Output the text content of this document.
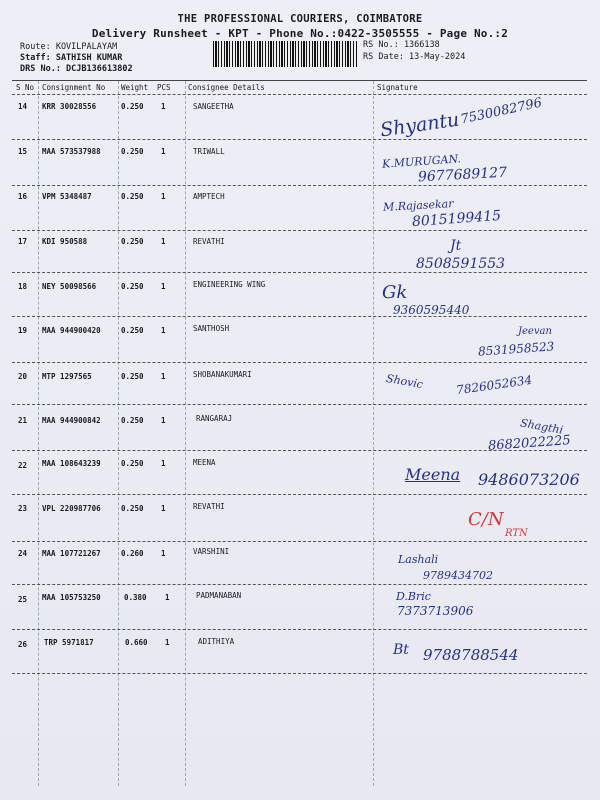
THE PROFESSIONAL COURIERS, COIMBATORE
Delivery Runsheet - KPT - Phone No.:0422-3505555 - Page No.:2
Route: KOVILPALAYAM
Staff: SATHISH KUMAR
DRS No.: DCJB136613802
RS No.: 1366138
RS Date: 13-May-2024
S No Consignment No Weight PCS Consignee Details	Signature
14 KRR 30028556	0.250 1	SANGEETHA
Shyantu
7530082796
15 MAA 573537988	0.250 1	TRIWALL
K.MURUGAN.
9677689127
16 VPM 5348487	0.250 1	AMPTECH
M.Rajasekar
8015199415
17 KDI 950588	0.250 1	REVATHI	Jt
8508591553
18 NEY 50098566	0.250 1	ENGINEERING WING	Gk
9360595440
19 MAA 944900420	0.250 1	SANTHOSH	Jeevan
8531958523
20 MTP 1297565	0.250 1	SHOBANAKUMARI	Shovic	7826052634
21 MAA 944900842	0.250 1	RANGARAJ	Shagthi
8682022225
22 MAA 108643239	0.250 1	MEENA
Meena 9486073206
23 VPL 220987706	0.250 1	REVATHI
C/N
RTN
24 MAA 107721267	0.260 1	VARSHINI
Lashali
9789434702
25 MAA 105753250	0.380 1	PADMANABAN	D.Bric
7373713906
26 TRP 5971817	0.660 1	ADITHIYA
Bt 9788788544
